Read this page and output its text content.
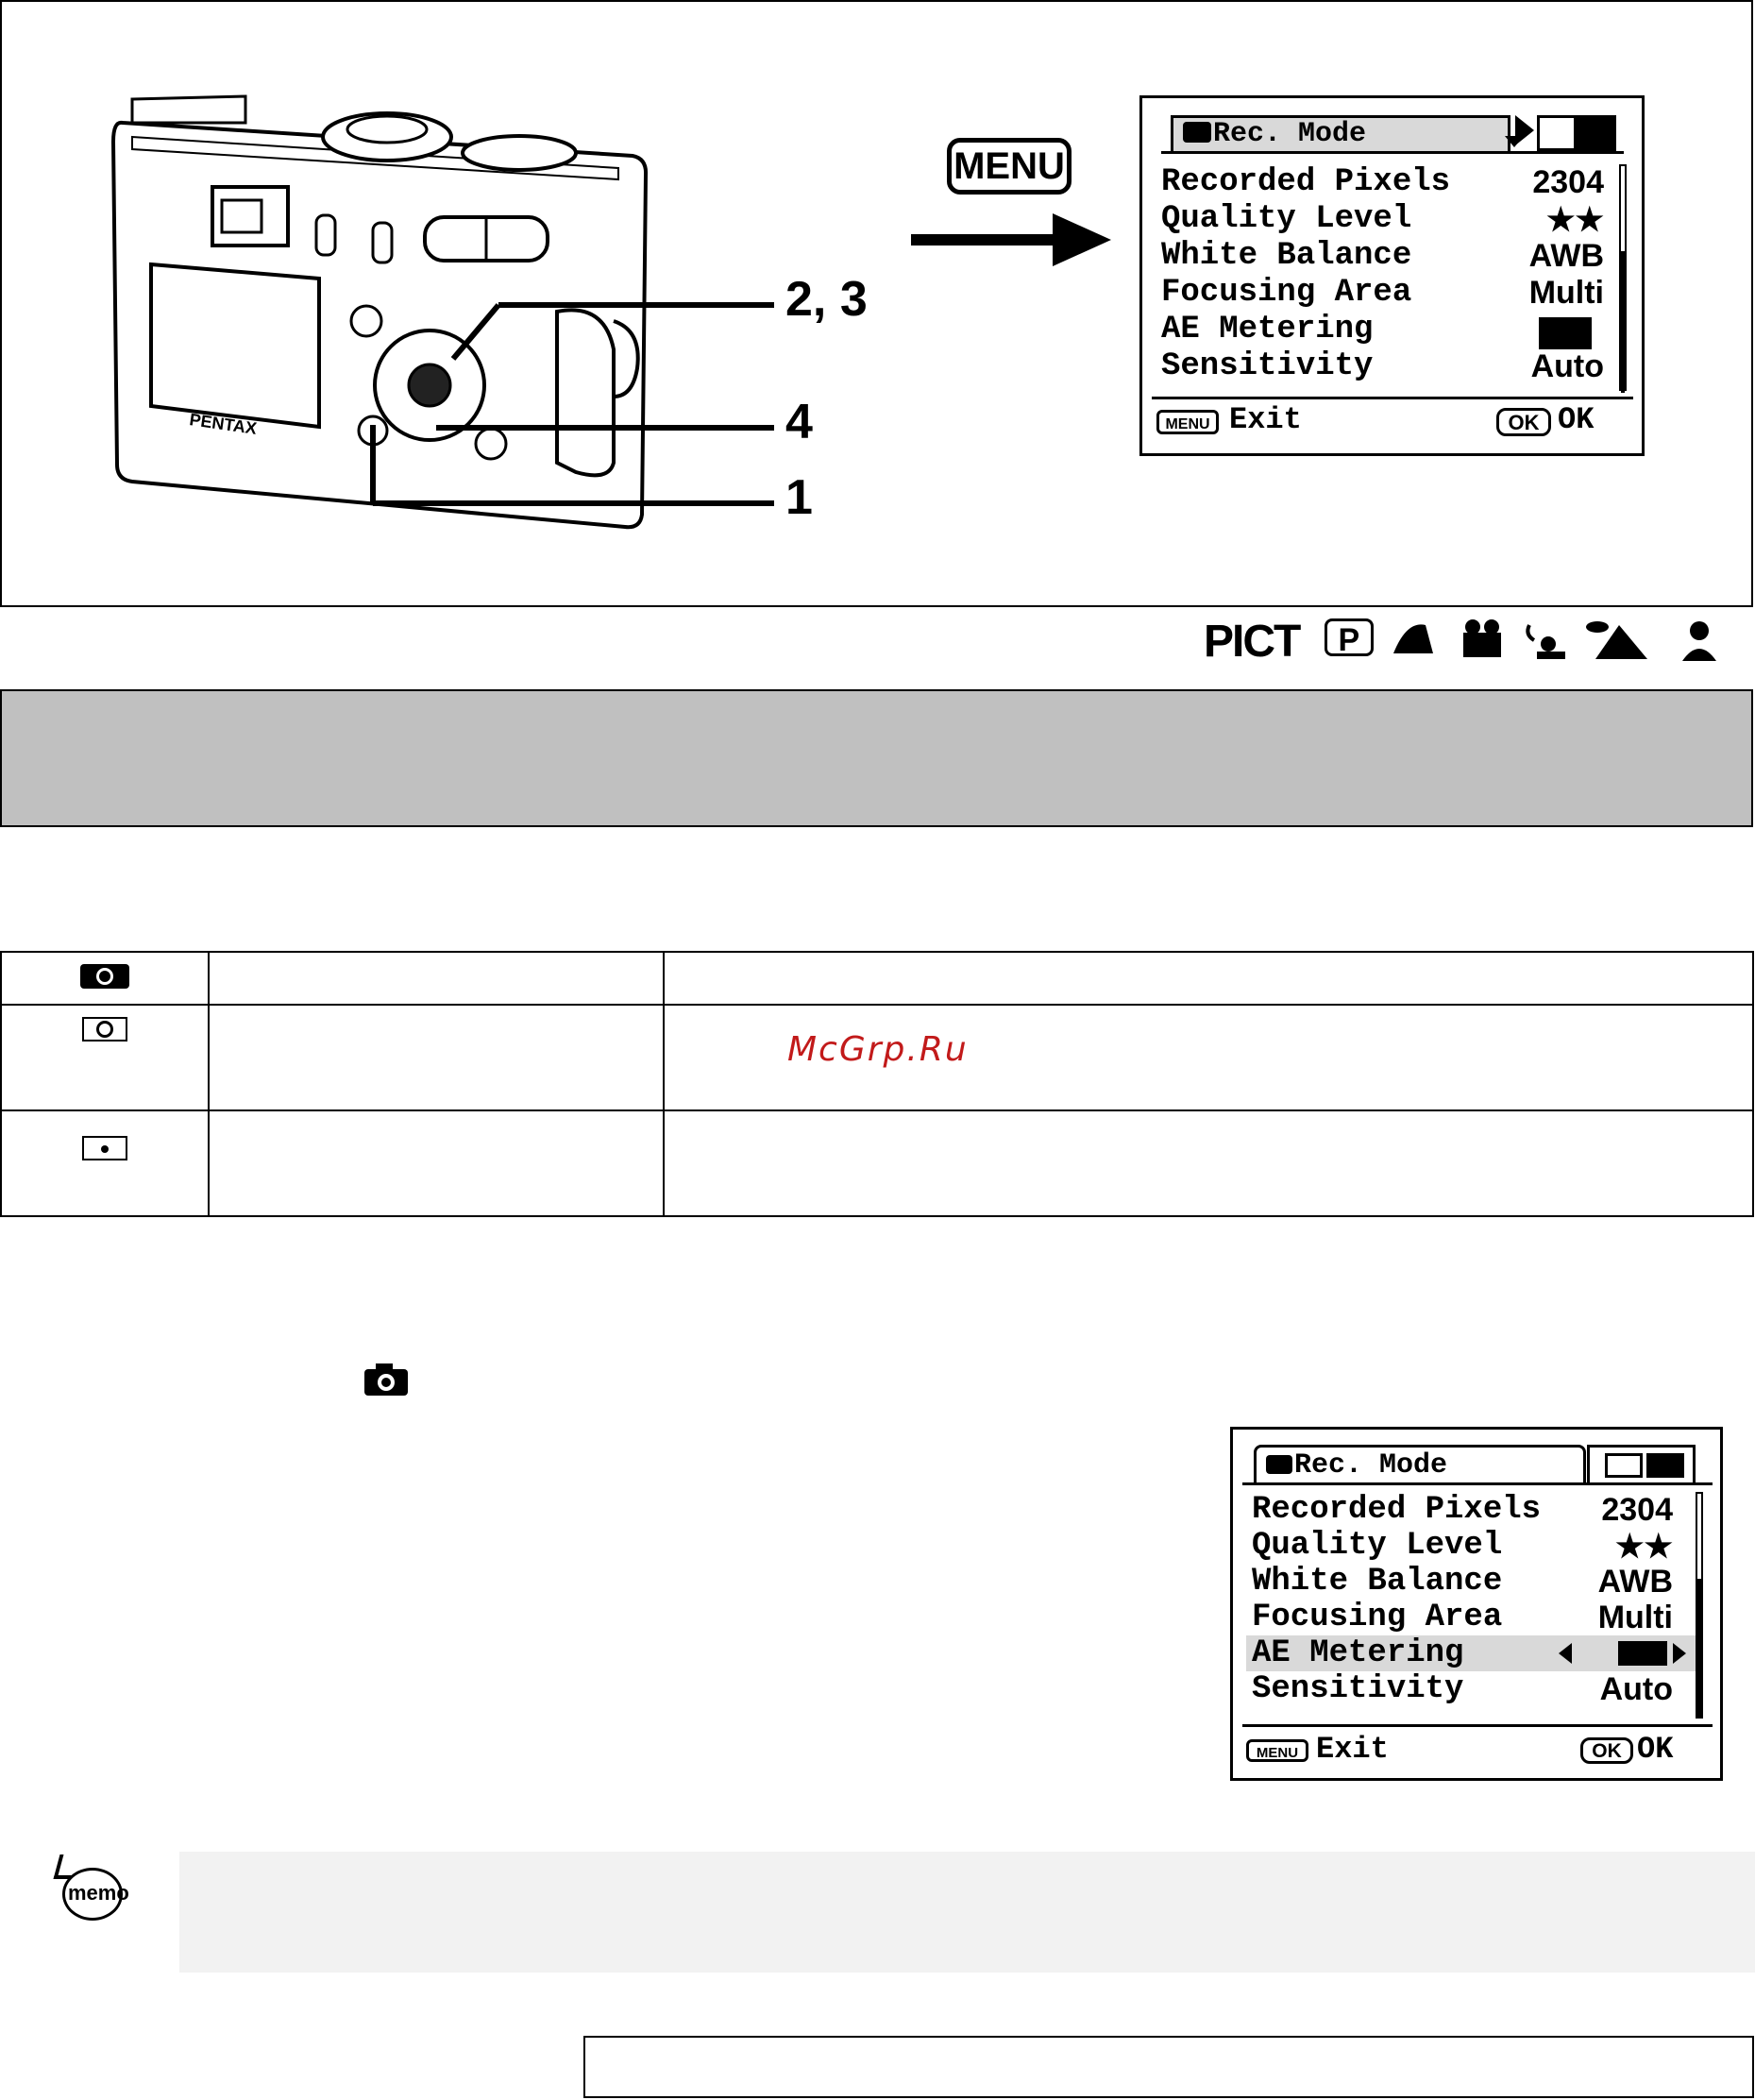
PENTAX
2, 3
4
1
MENU
Rec. Mode
Recorded Pixels	2304
Quality Level	★★
White Balance	AWB
Focusing Area	Multi
AE Metering
Sensitivity	Auto
MENU Exit	OK OK
PICT P

		McGrp.Ru

Rec. Mode
Recorded Pixels 2304
Quality Level	★★
White Balance	AWB
Focusing Area	Multi
AE Metering
Sensitivity	Auto
MENU Exit	OK OK
memo
